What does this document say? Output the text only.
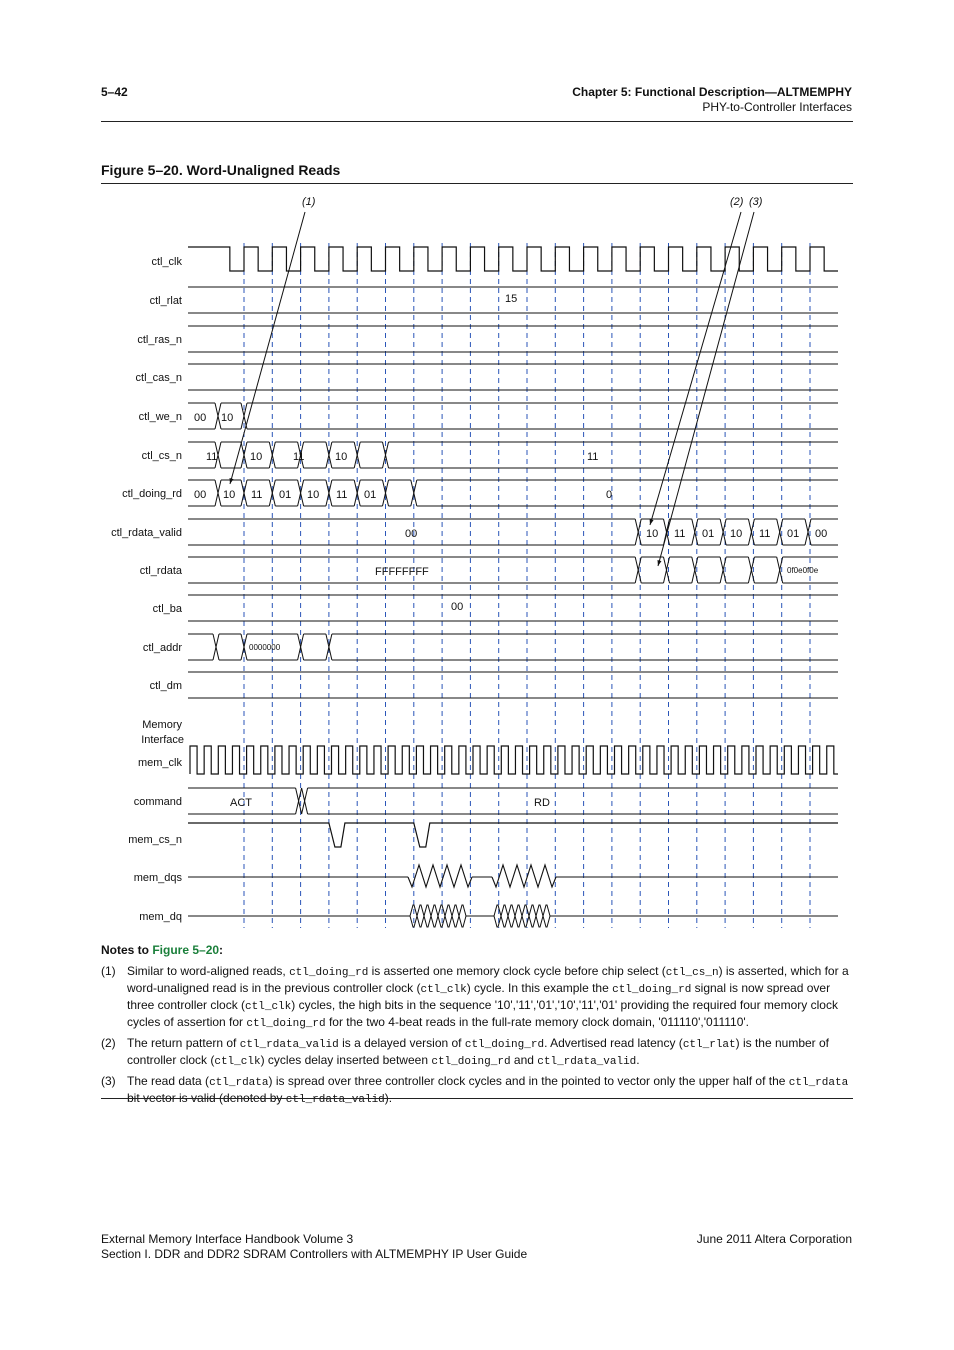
5–42	Chapter 5: Functional Description—ALTMEMPHY
PHY-to-Controller Interfaces
Figure 5–20. Word-Unaligned Reads
ctl_clk
ctl_rlat
ctl_ras_n
ctl_cas_n
ctl_we_n
ctl_cs_n
ctl_doing_rd
ctl_rdata_valid
ctl_rdata
ctl_ba
ctl_addr
ctl_dm
mem_clk
command
mem_cs_n
mem_dqs
mem_dq
Memory
Interface
15
00 10
11	10	11	10	11
00 10 11 01 10 11 01	0
00	10 11 01 10 11 01 00
FFFFFFFF	0f0e0f0e
00
0000000
ACT	RD
(1)	(2) (3)
Notes to Figure 5–20:
(1) Similar to word-aligned reads, ctl_doing_rd is asserted one memory clock cycle before chip select (ctl_cs_n) is asserted, which for a word-unaligned read is in the previous controller clock (ctl_clk) cycle. In this example the ctl_doing_rd signal is now spread over three controller clock (ctl_clk) cycles, the high bits in the sequence '10','11','01','10','11','01' providing the required four memory clock cycles of assertion for ctl_doing_rd for the two 4-beat reads in the full-rate memory clock domain, '011110','011110'.
(2) The return pattern of ctl_rdata_valid is a delayed version of ctl_doing_rd. Advertised read latency (ctl_rlat) is the number of controller clock (ctl_clk) cycles delay inserted between ctl_doing_rd and ctl_rdata_valid.
(3) The read data (ctl_rdata) is spread over three controller clock cycles and in the pointed to vector only the upper half of the ctl_rdata bit vector is valid (denoted by ctl_rdata_valid).
External Memory Interface Handbook Volume 3
Section I. DDR and DDR2 SDRAM Controllers with ALTMEMPHY IP User Guide
June 2011 Altera Corporation
